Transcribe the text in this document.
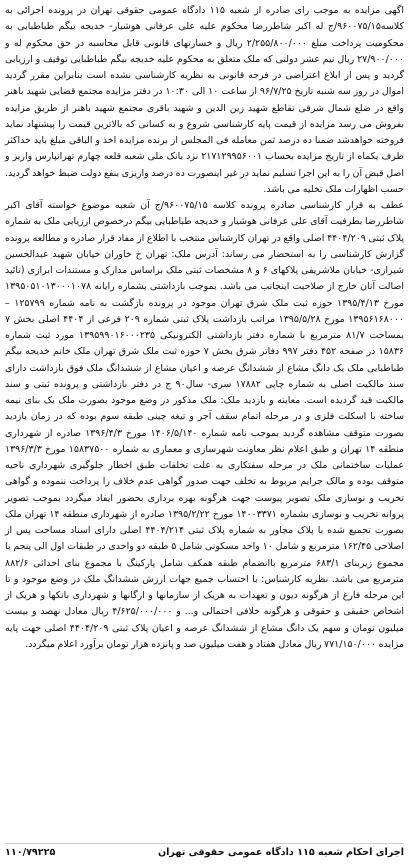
اگهی مزایده به موجب رای صادره از شعبه ۱۱۵ دادگاه عمومی حقوقی تهران در پرونده اجرائی به کلاسه۹۶۰۰۷۵/۱۵/ج له اکبر شاطررضا محکوم علیه علی عرفانی هوشیار- خدیجه بیگم طباطبایی به محکومیت پرداخت مبلغ ۲/۲۵۵/۸۰۰/۰۰۰ ریال و خسارتهای قانونی قابل محاسبه در حق محکوم له و ۲۷/۹۰۰/۰۰۰ ریال نیم عشر دولتی که ملک متعلق به محکوم علیه خدیجه بیگم طباطبایی توقیف و ارزیابی گردید و پس از ابلاغ اعتراضی در فرجه قانونی به نظریه کارشناسی نشده است بنابراین مقرر گردید اموال در روز سه شنبه تاریخ ۹۶/۷/۲۵ از ساعت ۱۰ الی ۱۰:۳۰ در دفتر مزایده مجتمع قضایی شهید باهنر واقع در ضلع شمال شرقی تقاطع شهید زین الدین و شهید باقری مجتمع شهید باهنر از طریق مزایده بفروش می رسد مزایده از قیمت پایه کارشناسی شروع و به کسانی که بالاترین قیمت را پیشنهاد نماید فروخته خواهدشد ضمنا ده درصد ثمن معامله فی المجلس از برنده مزایده اخذ و الباقی مبلغ باید حداکثر ظرف یکماه از تاریخ مزایده بحساب ۲۱۷۱۲۹۹۵۶۰۰۱ نزد بانک ملی شعبه قلعه چهارم تهرانپارس واریز و اصل قبض آن را به این اجرا تسلیم نماید در غیر اینصورت ده درصد واریزی بنفع دولت ضبط خواهد گردید. حسب اظهارات ملک تخلیه می باشد.

عطف به قرار کارشناسی صادره پرونده کلاسه ۹۶۰۰۷۵/۱۵/ج آن شعبه موضوع خواسته آقای اکبر شاطررضا بطرفیت آقای علی عرفانی هوشیار و خدیجه طباطبایی بیگم درخصوص ارزیابی ملک به شماره پلاک ثبتی ۴۴۰۴/۲۰۹ اصلی واقع در تهران کارشناس منتخب با اطلاع از مفاد قرار صادره و مطالعه پرونده گزارش کارشناسی را به استحضار می رساند: آدرس ملک: تهران خ خاوران خیابان شهید عبدالحسین شیرازی- خیابان ملاشریفی پلاکهای ۶ و ۸ مشخصات ثبتی ملک براساس مدارک و مستندات ابرازی (تائید اصالت آنان خارج از صلاحیت اینجانب می باشد. بموجب بازداشتی بشماره رایانه ۱۳۹۵۰۵۱۰۱۳۰۰۰۱۰۷۸ مورخ ۱۳۹۵/۴/۱۳ حوزه ثبت ملک شرق تهران موجود در پرونده بازگشت به نامه شماره ۱۲۵۷۹۹ – ۱۳۹۵۶۱۶۸۰۰۰ مورخ ۱۳۹۵/۵/۲۸ مراتب بازداشت پلاک ثبتی شماره ۲۰۹ فرعی از ۴۴۰۴ اصلی بخش ۷ بمساحت ۸۱/۷ مترمربع با شماره دفتر بازداشتی الکترونیکی ۱۳۹۵۹۹۰۱۶۰۰۰۲۳۵ مورد ثبت شماره ۱۵۸۳۶ در صفحه ۴۵۲ دفتر ۹۹۷ دفاتر شرق بخش ۷ حوزه ثبت ملک شرق تهران ملک خانم خدیجه بیگم طباطبایی ملک یک دانگ مشاع از ششدانگ عرصه و اعیان مشاع از ششدانگ ملک فوق بازداشت دارای سند مالکیت اصلی به شماره چاپی ۱۷۸۸۲ سری- سال۹۰ ج در دفتر بازداشتی و پرونده ثبتی و سند مالکیت قید گردیده است. معاینه و بازدید ملک: ملک مذکور در وضع موجود بصورت ملک یک بنای نیمه ساخته با اسکلت فلزی و در مرحله اتمام سقف آجر و تیغه چینی طبقه سوم بوده که در زمان بازدید بصورت متوقف مشاهده گردید بموجب نامه شماره ۱۴۰۶/۵/۱۴۰ مورخ ۱۳۹۶/۴/۳ صادره از شهرداری منطقه ۱۴ تهران و طبق اعلام نظر معاونت شهرسازی و معماری به شماره ۱۵۸۳۷۵۰۰ مورخ ۱۳۹۶/۳/۳ عملیات ساختمانی ملک در مرحله سفتکاری به علت تخلفات طبق اخطار جلوگیری شهرداری ناحیه متوقف بوده و مالک جرایم مربوط به تخلف جهت صدور گواهی عدم خلاف را پرداخت ننموده و گواهی تخریب و نوسازی ملک تصویر پیوست جهت هرگونه بهره برداری بحضور ایفاد میگردد بموجب تصویر پروانه تخریب و نوسازی بشماره ۱۴۰۰۳۳۷۱ مورخ ۱۳۹۵/۲/۲۲ صادره از شهرداری منطقه ۱۴ تهران ملک بصورت تجمیع شده با پلاک مجاور به شماره پلاک ثبتی ۴۴۰۴/۲۱۴ اصلی دارای اسناد مساحت پس از اصلاحی ۱۶۲/۴۵ مترمربع و شامل ۱۰ واحد مسکونی شامل ۵ طبقه دو واحدی در طبقات اول الی پنجم با مجموع زیربنای ۶۸۳/۱ مترمربع باانضمام طبقه همکف شامل پارکینگ با مجموع بنای احداثی ۸۸۲/۶ مترمربع می باشد. نظریه کارشناس: با احتساب جمیع جهات ارزش ششدانگ ملک در وضع موجود و تا این مرحله فارغ از هرگونه دیون و تعهدات به هریک از سازمانها و ارگانها و شهرداری بانکها و هریک از اشخاص حقیقی و حقوقی و هرگونه خلافی احتمالی و... و ۴/۶۲۵/۰۰۰/۰۰۰ ریال معادل نهصد و بیست میلیون تومان و سهم یک دانگ مشاع از ششدانگ عرصه و اعیان پلاک ثبتی ۴۴۰۴/۲۰۹ اصلی جهت پایه مزایده ۷۷۱/۱۵۰/۰۰۰ ریال معادل هفتاد و هفت میلیون صد و پانزده هزار تومان برآورد اعلام میگردد.

اجرای احکام شعبه ۱۱۵ دادگاه عمومی حقوقی تهران
۱۱۰/۷۹۲۲۵
